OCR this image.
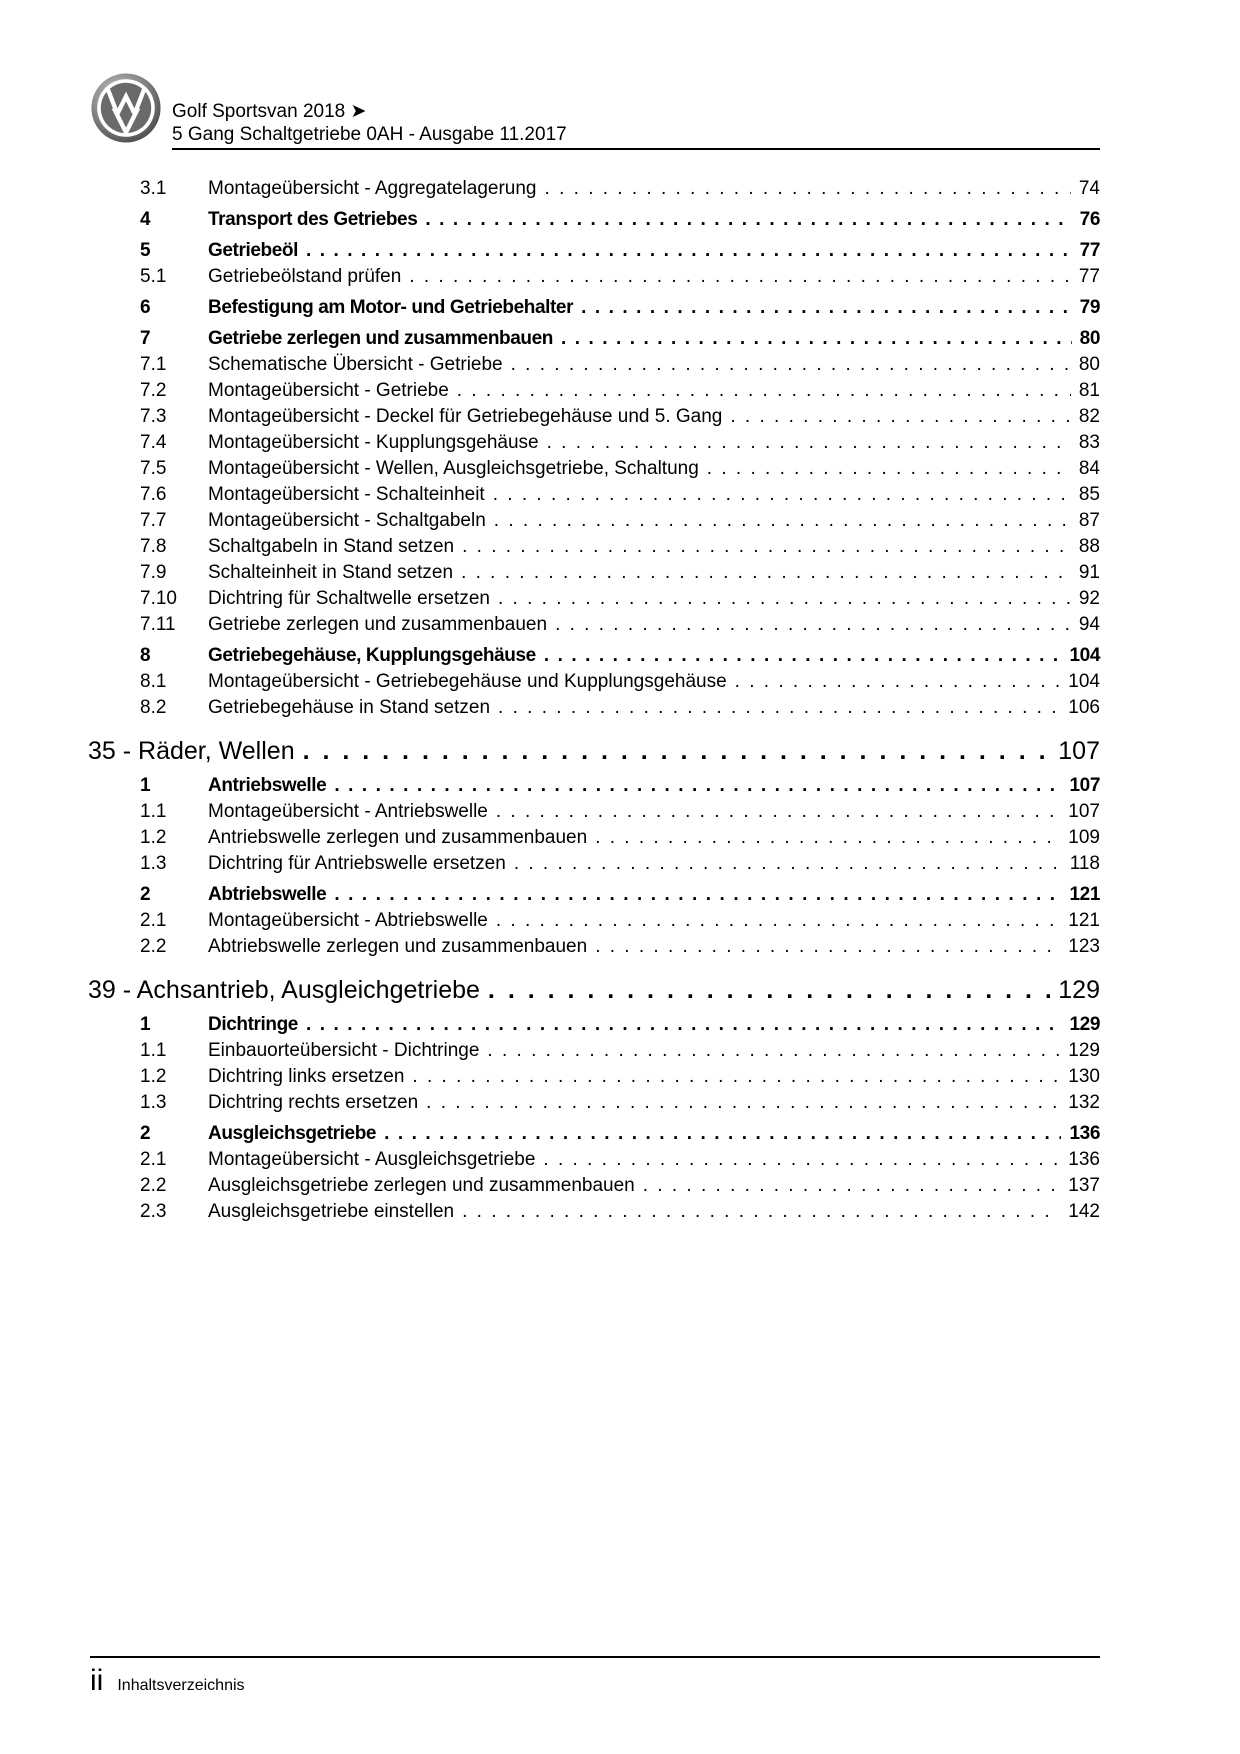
Golf Sportsvan 2018 ➤
5 Gang Schaltgetriebe 0AH - Ausgabe 11.2017
3.1	Montageübersicht - Aggregatelagerung . . .	74
4	Transport des Getriebes . . .	76
5	Getriebeöl . . .	77
5.1	Getriebeölstand prüfen . . .	77
6	Befestigung am Motor- und Getriebehalter . . .	79
7	Getriebe zerlegen und zusammenbauen . . .	80
7.1	Schematische Übersicht - Getriebe . . .	80
7.2	Montageübersicht - Getriebe . . .	81
7.3	Montageübersicht - Deckel für Getriebegehäuse und 5. Gang . . .	82
7.4	Montageübersicht - Kupplungsgehäuse . . .	83
7.5	Montageübersicht - Wellen, Ausgleichsgetriebe, Schaltung . . .	84
7.6	Montageübersicht - Schalteinheit . . .	85
7.7	Montageübersicht - Schaltgabeln . . .	87
7.8	Schaltgabeln in Stand setzen . . .	88
7.9	Schalteinheit in Stand setzen . . .	91
7.10	Dichtring für Schaltwelle ersetzen . . .	92
7.11	Getriebe zerlegen und zusammenbauen . . .	94
8	Getriebegehäuse, Kupplungsgehäuse . . .	104
8.1	Montageübersicht - Getriebegehäuse und Kupplungsgehäuse . . .	104
8.2	Getriebegehäuse in Stand setzen . . .	106
35 - Räder, Wellen . . .	107
1	Antriebswelle . . .	107
1.1	Montageübersicht - Antriebswelle . . .	107
1.2	Antriebswelle zerlegen und zusammenbauen . . .	109
1.3	Dichtring für Antriebswelle ersetzen . . .	118
2	Abtriebswelle . . .	121
2.1	Montageübersicht - Abtriebswelle . . .	121
2.2	Abtriebswelle zerlegen und zusammenbauen . . .	123
39 - Achsantrieb, Ausgleichgetriebe . . .	129
1	Dichtringe . . .	129
1.1	Einbauorteübersicht - Dichtringe . . .	129
1.2	Dichtring links ersetzen . . .	130
1.3	Dichtring rechts ersetzen . . .	132
2	Ausgleichsgetriebe . . .	136
2.1	Montageübersicht - Ausgleichsgetriebe . . .	136
2.2	Ausgleichsgetriebe zerlegen und zusammenbauen . . .	137
2.3	Ausgleichsgetriebe einstellen . . .	142
ii Inhaltsverzeichnis
